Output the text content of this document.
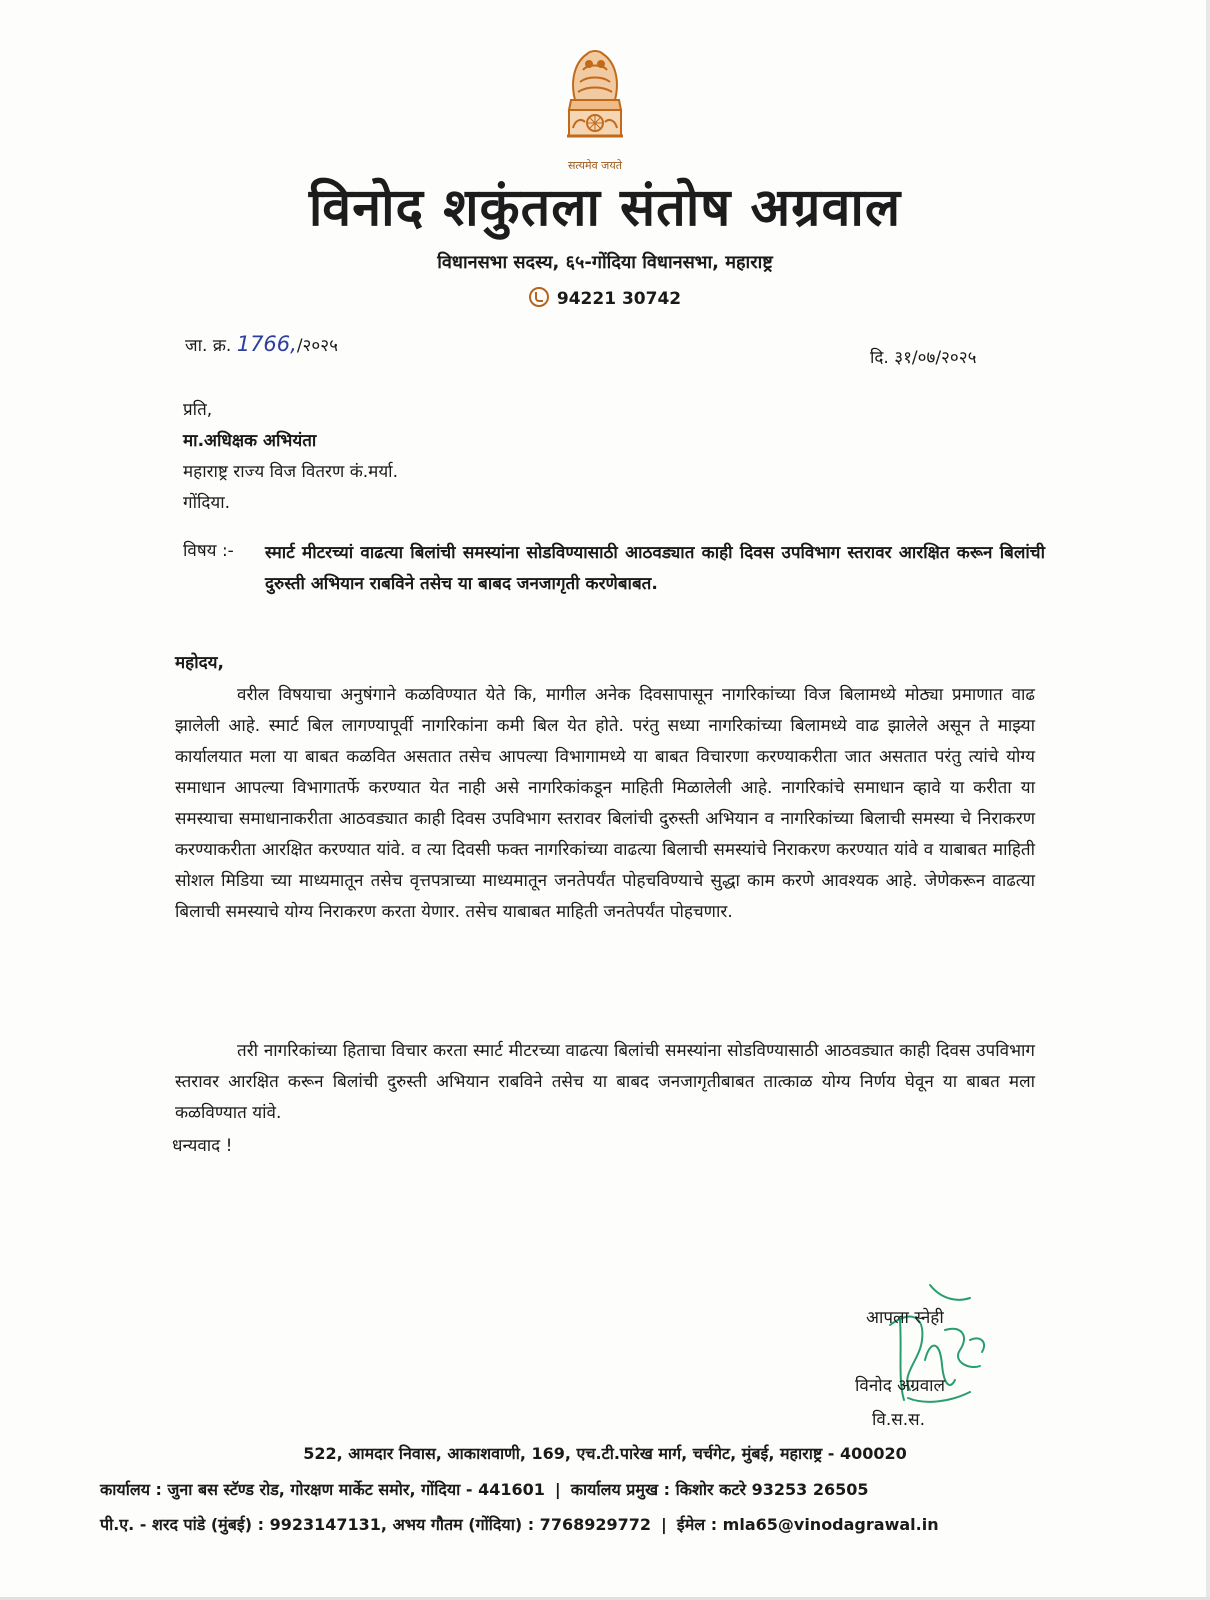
सत्यमेव जयते
विनोद शकुंतला संतोष अग्रवाल
विधानसभा सदस्य, ६५-गोंदिया विधानसभा, महाराष्ट्र
94221 30742
जा. क्र. 1766,/२०२५
दि. ३१/०७/२०२५
प्रति,
मा.अधिक्षक अभियंता
महाराष्ट्र राज्य विज वितरण कं.मर्या.
गोंदिया.
विषय :- स्मार्ट मीटरच्यां वाढत्या बिलांची समस्यांना सोडविण्यासाठी आठवड्यात काही दिवस उपविभाग स्तरावर आरक्षित करून बिलांची दुरुस्ती अभियान राबविने तसेच या बाबद जनजागृती करणेबाबत.
महोदय,
वरील विषयाचा अनुषंगाने कळविण्यात येते कि, मागील अनेक दिवसापासून नागरिकांच्या विज बिलामध्ये मोठ्या प्रमाणात वाढ झालेली आहे. स्मार्ट बिल लागण्यापूर्वी नागरिकांना कमी बिल येत होते. परंतु सध्या नागरिकांच्या बिलामध्ये वाढ झालेले असून ते माझ्या कार्यालयात मला या बाबत कळवित असतात तसेच आपल्या विभागामध्ये या बाबत विचारणा करण्याकरीता जात असतात परंतु त्यांचे योग्य समाधान आपल्या विभागातर्फे करण्यात येत नाही असे नागरिकांकडून माहिती मिळालेली आहे. नागरिकांचे समाधान व्हावे या करीता या समस्याचा समाधानाकरीता आठवड्यात काही दिवस उपविभाग स्तरावर बिलांची दुरुस्ती अभियान व नागरिकांच्या बिलाची समस्या चे निराकरण करण्याकरीता आरक्षित करण्यात यांवे. व त्या दिवसी फक्त नागरिकांच्या वाढत्या बिलाची समस्यांचे निराकरण करण्यात यांवे व याबाबत माहिती सोशल मिडिया च्या माध्यमातून तसेच वृत्तपत्राच्या माध्यमातून जनतेपर्यंत पोहचविण्याचे सुद्धा काम करणे आवश्यक आहे. जेणेकरून वाढत्या बिलाची समस्याचे योग्य निराकरण करता येणार. तसेच याबाबत माहिती जनतेपर्यंत पोहचणार.
तरी नागरिकांच्या हिताचा विचार करता स्मार्ट मीटरच्या वाढत्या बिलांची समस्यांना सोडविण्यासाठी आठवड्यात काही दिवस उपविभाग स्तरावर आरक्षित करून बिलांची दुरुस्ती अभियान राबविने तसेच या बाबद जनजागृतीबाबत तात्काळ योग्य निर्णय घेवून या बाबत मला कळविण्यात यांवे.
धन्यवाद !
आपला स्नेही
विनोद अग्रवाल
वि.स.स.
522, आमदार निवास, आकाशवाणी, 169, एच.टी.पारेख मार्ग, चर्चगेट, मुंबई, महाराष्ट्र - 400020
कार्यालय : जुना बस स्टॅण्ड रोड, गोरक्षण मार्केट समोर, गोंदिया - 441601 | कार्यालय प्रमुख : किशोर कटरे 93253 26505
पी.ए. - शरद पांडे (मुंबई) : 9923147131, अभय गौतम (गोंदिया) : 7768929772 | ईमेल : mla65@vinodagrawal.in
